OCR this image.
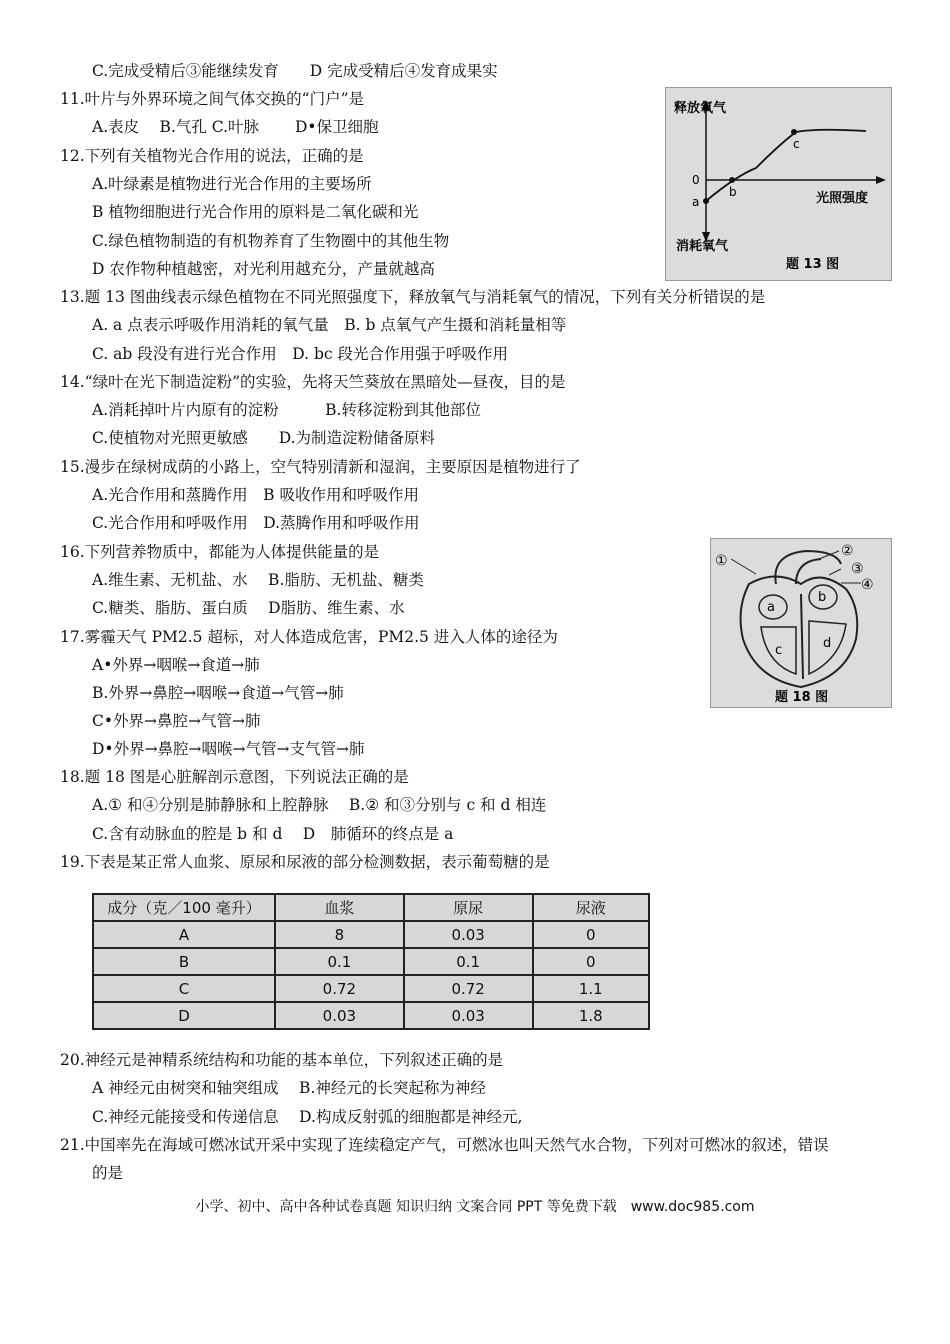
C.完成受精后③能继续发育　　D 完成受精后④发育成果实
11.叶片与外界环境之间气体交换的“门户”是
A.表皮　 B.气孔 C.叶脉　　 D•保卫细胞
12.下列有关植物光合作用的说法，正确的是
A.叶绿素是植物进行光合作用的主要场所
B 植物细胞进行光合作用的原料是二氧化碳和光
C.绿色植物制造的有机物养育了生物圈中的其他生物
D 农作物种植越密，对光利用越充分，产量就越高
13.题 13 图曲线表示绿色植物在不同光照强度下，释放氧气与消耗氧气的情况，下列有关分析错误的是
A. a 点表示呼吸作用消耗的氧气量　B. b 点氧气产生摄和消耗量相等
C. ab 段没有进行光合作用　D. bc 段光合作用强于呼吸作用
14.“绿叶在光下制造淀粉”的实验，先将天竺葵放在黑暗处—昼夜，目的是
A.消耗掉叶片内原有的淀粉　　　B.转移淀粉到其他部位
C.使植物对光照更敏感　　D.为制造淀粉储备原料
15.漫步在绿树成荫的小路上，空气特别清新和湿润，主要原因是植物进行了
A.光合作用和蒸腾作用　B 吸收作用和呼吸作用
C.光合作用和呼吸作用　D.蒸腾作用和呼吸作用
16.下列营养物质中，都能为人体提供能量的是
A.维生素、无机盐、水　 B.脂肪、无机盐、糖类
C.糖类、脂肪、蛋白质　 D脂肪、维生素、水
17.雾霾天气 PM2.5 超标，对人体造成危害，PM2.5 进入人体的途径为
A•外界→咽喉→食道→肺
B.外界→鼻腔→咽喉→食道→气管→肺
C•外界→鼻腔→气管→肺
D•外界→鼻腔→咽喉→气管→支气管→肺
18.题 18 图是心脏解剖示意图，下列说法正确的是
A.① 和④分别是肺静脉和上腔静脉　 B.② 和③分别与 c 和 d 相连
C.含有动脉血的腔是 b 和 d　 D　肺循环的终点是 a
19.下表是某正常人血浆、原尿和尿液的部分检测数据，表示葡萄糖的是
20.神经元是神精系统结构和功能的基本单位，下列叙述正确的是
A 神经元由树突和轴突组成　 B.神经元的长突起称为神经
C.神经元能接受和传递信息　 D.构成反射弧的细胞都是神经元,
21.中国率先在海域可燃冰试开采中实现了连续稳定产气，可燃冰也叫天然气水合物，下列对可燃冰的叙述，错误
的是
释放氧气
消耗氧气
光照强度
0
a
b
c
题 13 图
①
②
③
④
a
b
c	d
题 18 图
成分（克／100 毫升）	血浆	原尿	尿液
A	8	0.03	0
B	0.1	0.1	0
C	0.72	0.72	1.1
D	0.03	0.03	1.8
小学、初中、高中各种试卷真题 知识归纳 文案合同 PPT 等免费下载　www.doc985.com
